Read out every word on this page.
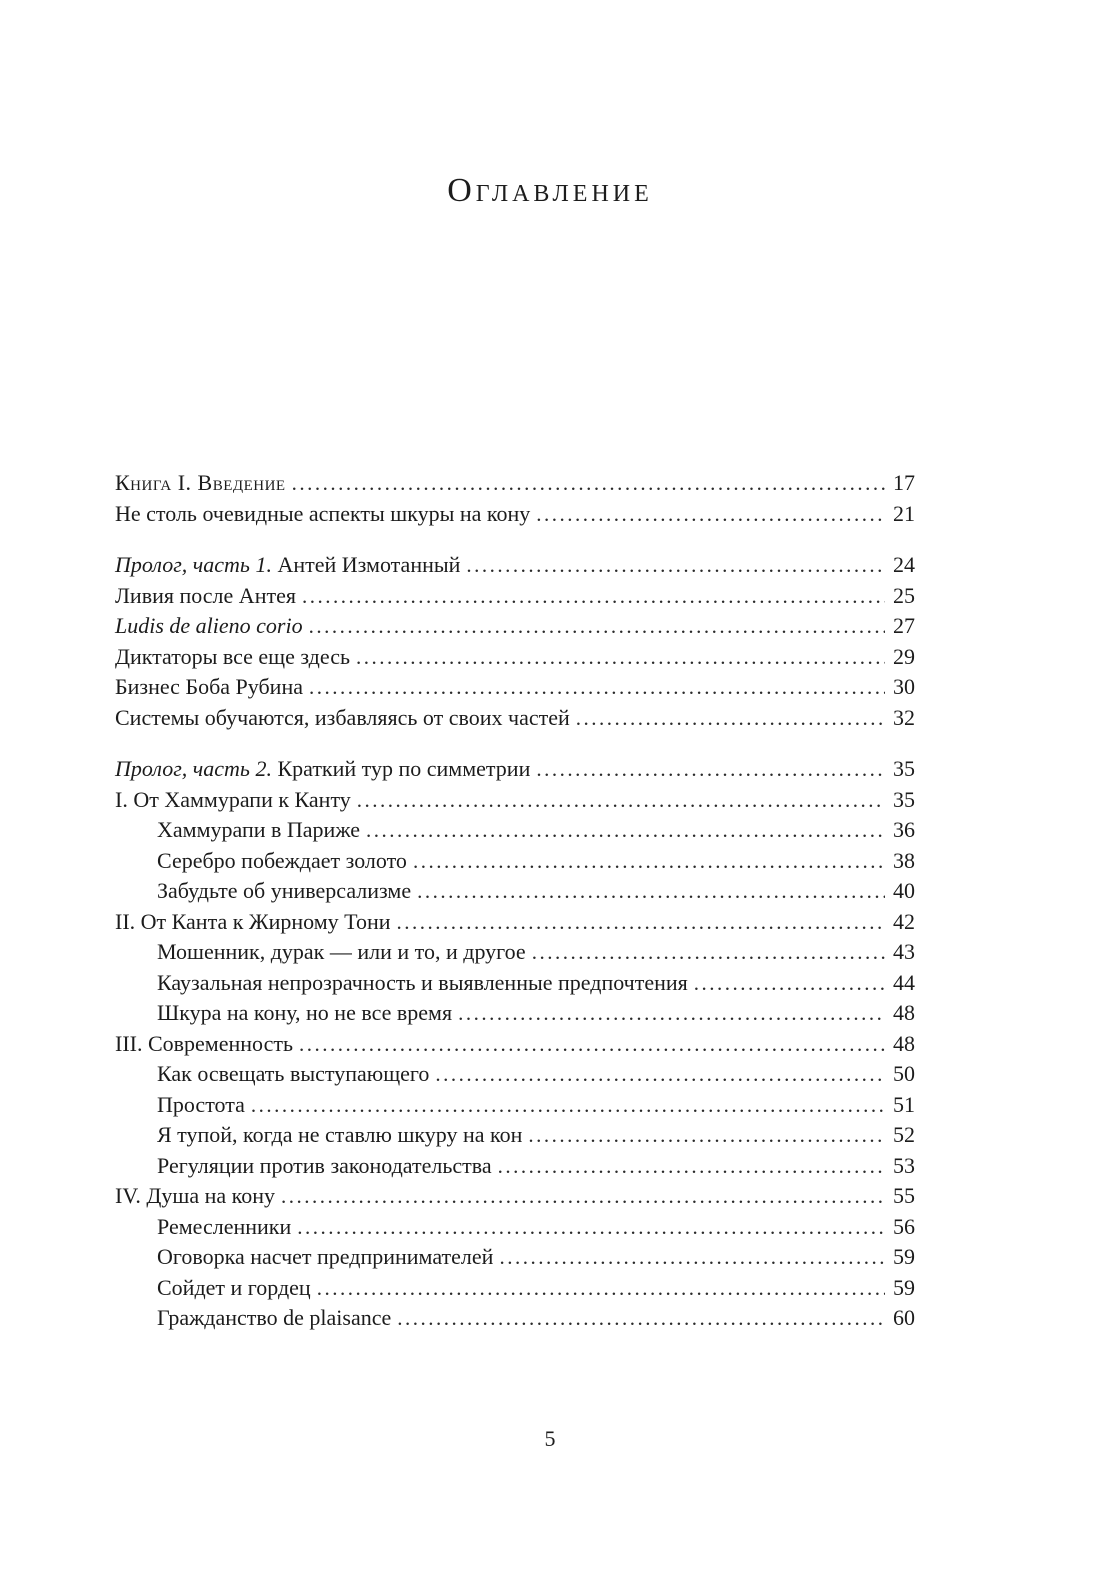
Оглавление
Книга I. Введение .....	17
Не столь очевидные аспекты шкуры на кону .....	21
Пролог, часть 1. Антей Измотанный .....	24
Ливия после Антея .....	25
Ludis de alieno corio .....	27
Диктаторы все еще здесь .....	29
Бизнес Боба Рубина .....	30
Системы обучаются, избавляясь от своих частей .....	32
Пролог, часть 2. Краткий тур по симметрии .....	35
I. От Хаммурапи к Канту .....	35
Хаммурапи в Париже .....	36
Серебро побеждает золото .....	38
Забудьте об универсализме .....	40
II. От Канта к Жирному Тони .....	42
Мошенник, дурак — или и то, и другое .....	43
Каузальная непрозрачность и выявленные предпочтения .....	44
Шкура на кону, но не все время .....	48
III. Современность .....	48
Как освещать выступающего .....	50
Простота .....	51
Я тупой, когда не ставлю шкуру на кон .....	52
Регуляции против законодательства .....	53
IV. Душа на кону .....	55
Ремесленники .....	56
Оговорка насчет предпринимателей .....	59
Сойдет и гордец .....	59
Гражданство de plaisance .....	60
5
